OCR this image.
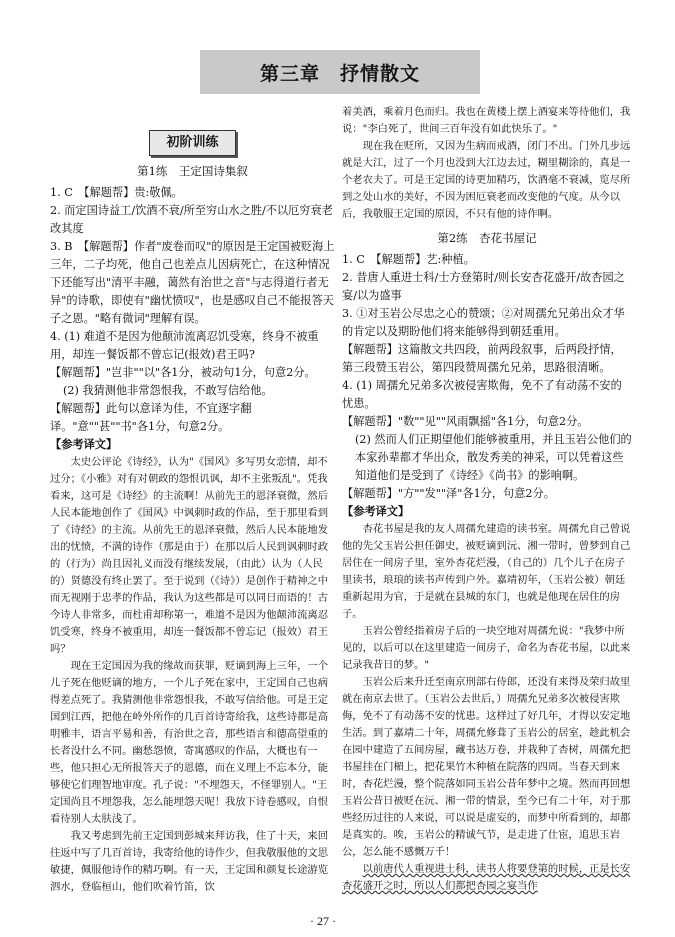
第三章　抒情散文
初阶训练
第1练　王定国诗集叙

1. C　【解题帮】贵:敬佩。

2. 而定国诗益工/饮酒不衰/所至穷山水之胜/不以厄穷衰老改其度

3. B　【解题帮】作者"废卷而叹"的原因是王定国被贬海上三年，二子均死，他自己也差点儿因病死亡，在这种情况下还能写出"清平丰融，蔼然有治世之音"与志得道行者无异"的诗歌，即使有"幽忧愤叹"，也是感叹自己不能报答天子之恩。"略有微词"理解有误。

4. (1) 难道不是因为他颠沛流离忍饥受寒，终身不被重用，却连一餐饭都不曾忘记(报效)君王吗?

【解题帮】"岂非""以"各1分，被动句1分，句意2分。

(2) 我猜测他非常怨恨我，不敢写信给他。

【解题帮】此句以意译为佳，不宜逐字翻译。"意""甚""书"各1分，句意2分。

【参考译文】

太史公评论《诗经》，认为"《国风》多写男女恋情，却不过分；《小雅》对有对朝政的怨恨讥讽，却不主张叛乱"。凭我看来，这可是《诗经》的主流啊！从前先王的恩泽衰微，然后人民本能地创作了《国风》中讽刺时政的作品，至于那里看到了《诗经》的主流。从前先王的恩泽衰微，然后人民本能地发出的忧愤，不满的诗作（那是由于）在那以后人民到讽刺时政的（行为）尚且因礼义而没有继续发展，（由此）认为（人民的）贤德没有终止罢了。至于说到（《诗》）是创作于精神之中而无视刚于忠孝的作品，我认为这些都是可以同日而语的！古今诗人非常多，而杜甫却称第一，难道不是因为他颠沛流离忍饥受寒，终身不被重用，却连一餐饭都不曾忘记（报效）君王吗？

现在王定国因为我的缘故而获罪，贬谪到海上三年，一个儿子死在他贬谪的地方，一个儿子死在家中，王定国自己也病得差点死了。我猜测他非常怨恨我，不敢写信给他。可是王定国到江西，把他在岭外所作的几百首诗寄给我，这些诗都是高明雅丰，语言平易和善，有治世之音，那些语言和德高望重的长者没什么不同。幽愁怨愤，寄寓感叹的作品，大概也有一些，他只担心无所报答天子的恩德，而在义理上不忘本分，能够使它们理智地审度。孔子说："不埋怨天，不怪罪别人。"王定国尚且不埋怨我，怎么能埋怨天呢！我放下诗卷感叹，自恨看待别人太肤浅了。

我又考虑到先前王定国到彭城来拜访我，住了十天，来回往返中写了几百首诗，我寄给他的诗作少，但我敬服他的文思敏捷，佩服他诗作的精巧啊。有一天，王定国和颜复长途游览泗水，登临桓山，他们吹着竹笛，饮

着美酒，乘着月色而归。我也在黄楼上摆上酒宴来等待他们，我说："李白死了，世间三百年没有如此快乐了。"

现在我在贬所，又因为生病而戒酒，闭门不出。门外几步远就是大江，过了一个月也没到大江边去过，糊里糊涂的，真是一个老农夫了。可是王定国的诗更加精巧，饮酒毫不衰减，览尽所到之处山水的美好，不因为困厄衰老而改变他的气度。从今以后，我敬服王定国的原因，不只有他的诗作啊。

第2练　杏花书屋记

1. C　【解题帮】艺:种植。

2. 昔唐人重进士科/士方登第时/则长安杏花盛开/故杏园之宴/以为盛事

3. ①对玉岩公尽忠之心的赞颂；②对周孺允兄弟出众才华的肯定以及期盼他们将来能够得到朝廷重用。

【解题帮】这篇散文共四段，前两段叙事，后两段抒情，第三段赞玉岩公，第四段赞周孺允兄弟，思路很清晰。

4. (1) 周孺允兄弟多次被侵害欺侮，免不了有动荡不安的忧患。

【解题帮】"数""见""风雨飘摇"各1分，句意2分。

(2) 然而人们正期望他们能够被重用，并且玉岩公他们的本家孙辈都才华出众，散发秀美的神采，可以凭着这些知道他们是受到了《诗经》《尚书》的影响啊。

【解题帮】"方""发""泽"各1分，句意2分。

【参考译文】

杏花书屋是我的友人周孺允建造的读书室。周孺允自己曾说他的先父玉岩公担任御史，被贬谪到沅、湘一带时，曾梦到自己居住在一间房子里，室外杏花烂漫，（自己的）几个儿子在房子里读书，琅琅的读书声传到户外。嘉靖初年，（玉岩公被）朝廷重新起用为官，于是就在县城的东门，也就是他现在居住的房子。

玉岩公曾经指着房子后的一块空地对周孺允说："我梦中所见的，以后可以在这里建造一间房子，命名为杏花书屋，以此来记录我昔日的梦。"

玉岩公后来升迁至南京刑部右侍郎，还没有来得及荣归故里就在南京去世了。（玉岩公去世后，）周孺允兄弟多次被侵害欺侮，免不了有动荡不安的忧患。这样过了好几年，才得以安定地生活。到了嘉靖二十年，周孺允修葺了玉岩公的居室，趁此机会在园中建造了五间房屋，藏书达万卷，并栽种了杏树，周孺允把书屋挂在门楣上，把花果竹木种植在院落的四周。当春天到来时，杏花烂漫，整个院落如同玉岩公昔年梦中之境。然而再回想玉岩公昔日被贬在沅、湘一带的情景，至今已有二十年，对于那些经历过往的人来说，可以说是虚妄的，而梦中所看到的，却都是真实的。唉，玉岩公的精诚气节，是走进了仕宦，追思玉岩公，怎么能不感慨万千！

以前唐代人重视进士科，读书人将要登第的时候，正是长安杏花盛开之时，所以人们都把杏园之宴当作

· 27 ·
